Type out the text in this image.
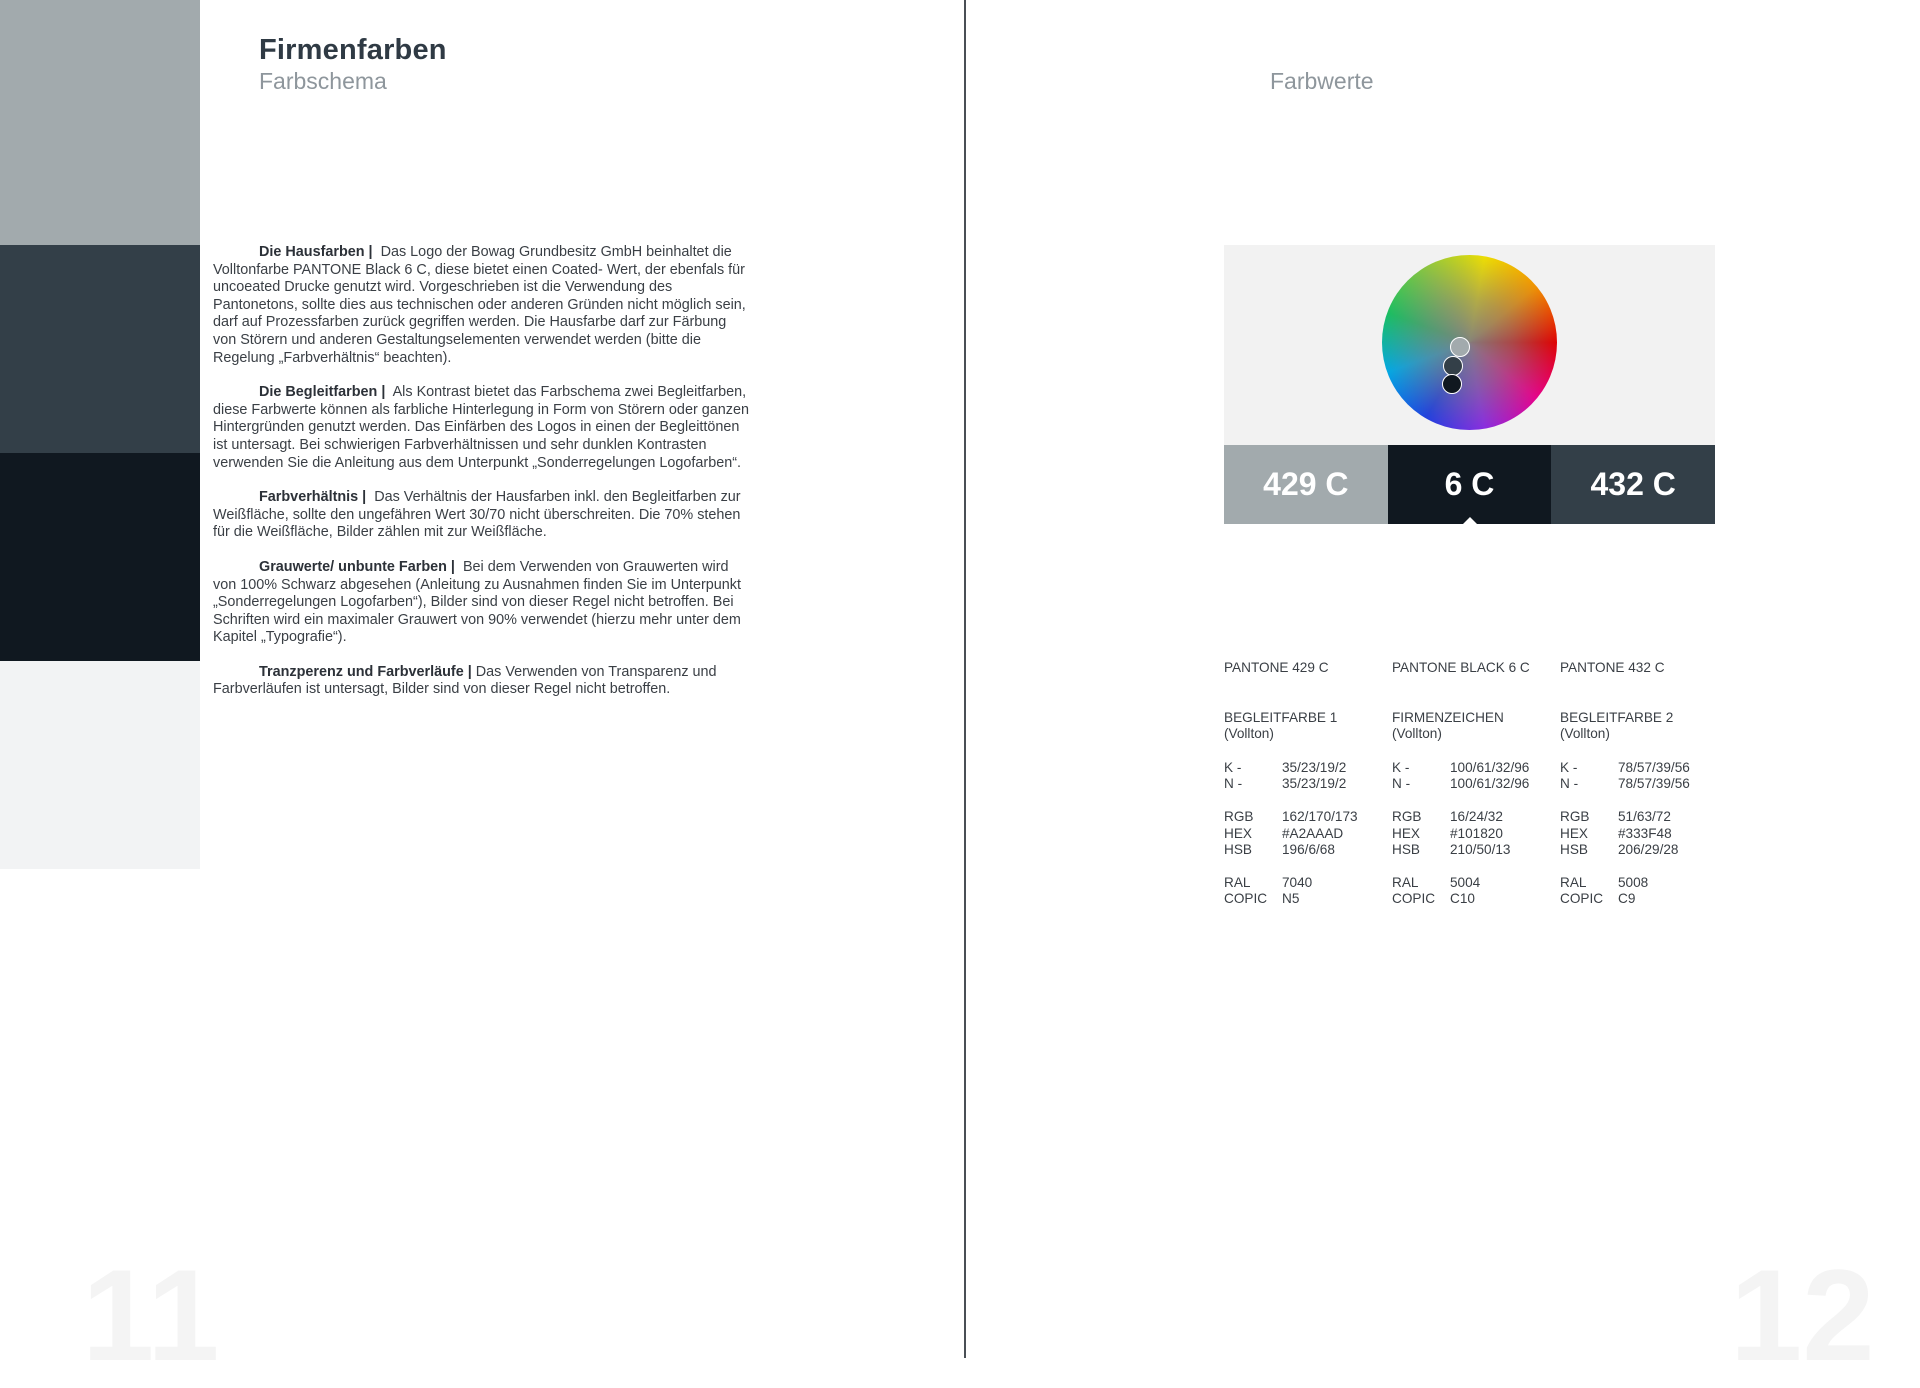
Firmenfarben
Farbschema

Die Hausfarben | Das Logo der Bowag Grundbesitz GmbH beinhaltet die Volltonfarbe PANTONE Black 6 C, diese bietet einen Coated- Wert, der ebenfals für uncoeated Drucke genutzt wird. Vorgeschrieben ist die Verwendung des Pantonetons, sollte dies aus technischen oder anderen Gründen nicht möglich sein, darf auf Prozessfarben zurück gegriffen werden. Die Hausfarbe darf zur Färbung von Störern und anderen Gestaltungselementen verwendet werden (bitte die Regelung „Farbverhältnis“ beachten).

Die Begleitfarben | Als Kontrast bietet das Farbschema zwei Begleitfarben, diese Farbwerte können als farbliche Hinterlegung in Form von Störern oder ganzen Hintergründen genutzt werden. Das Einfärben des Logos in einen der Begleittönen ist untersagt. Bei schwierigen Farbverhältnissen und sehr dunklen Kontrasten verwenden Sie die Anleitung aus dem Unterpunkt „Sonderregelungen Logofarben“.

Farbverhältnis | Das Verhältnis der Hausfarben inkl. den Begleitfarben zur Weißfläche, sollte den ungefähren Wert 30/70 nicht überschreiten. Die 70% stehen für die Weißfläche, Bilder zählen mit zur Weißfläche.

Grauwerte/ unbunte Farben | Bei dem Verwenden von Grauwerten wird von 100% Schwarz abgesehen (Anleitung zu Ausnahmen finden Sie im Unterpunkt „Sonderregelungen Logofarben“), Bilder sind von dieser Regel nicht betroffen. Bei Schriften wird ein maximaler Grauwert von 90% verwendet (hierzu mehr unter dem Kapitel „Typografie“).

Tranzperenz und Farbverläufe | Das Verwenden von Transparenz und Farbverläufen ist untersagt, Bilder sind von dieser Regel nicht betroffen.

11
Farbwerte
429 C	6 C	432 C
PANTONE 429 C
BEGLEITFARBE 1
(Vollton)
K -	35/23/19/2
N -	35/23/19/2
RGB	162/170/173
HEX	#A2AAAD
HSB	196/6/68
RAL	7040
COPIC	N5
PANTONE BLACK 6 C
FIRMENZEICHEN
(Vollton)
K -	100/61/32/96
N -	100/61/32/96
RGB	16/24/32
HEX	#101820
HSB	210/50/13
RAL	5004
COPIC	C10
PANTONE 432 C
BEGLEITFARBE 2
(Vollton)
K -	78/57/39/56
N -	78/57/39/56
RGB	51/63/72
HEX	#333F48
HSB	206/29/28
RAL	5008
COPIC	C9
12
